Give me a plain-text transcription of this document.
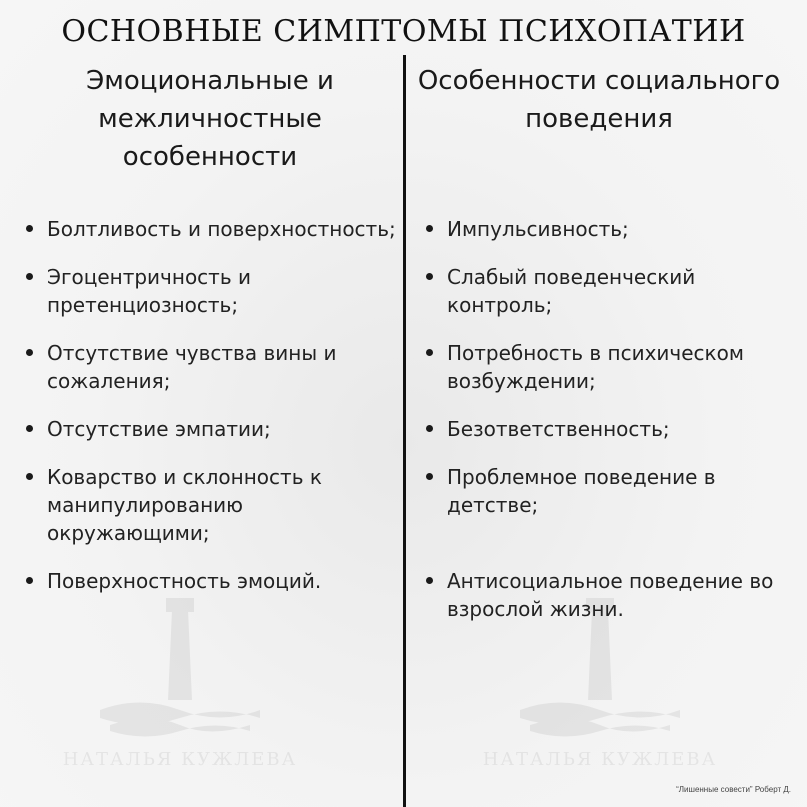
НАТАЛЬЯ КУЖЛЕВА	НАТАЛЬЯ КУЖЛЕВА
ОСНОВНЫЕ СИМПТОМЫ ПСИХОПАТИИ
Эмоциональные и межличностные особенности
Особенности социального поведения
Болтливость и поверхностность;
Эгоцентричность и претенциозность;
Отсутствие чувства вины и сожаления;
Отсутствие эмпатии;
Коварство и склонность к манипулированию окружающими;
Поверхностность эмоций.
Импульсивность;
Слабый поведенческий контроль;
Потребность в психическом возбуждении;
Безответственность;
Проблемное поведение в детстве;
Антисоциальное поведение во взрослой жизни.
“Лишенные совести” Роберт Д.
